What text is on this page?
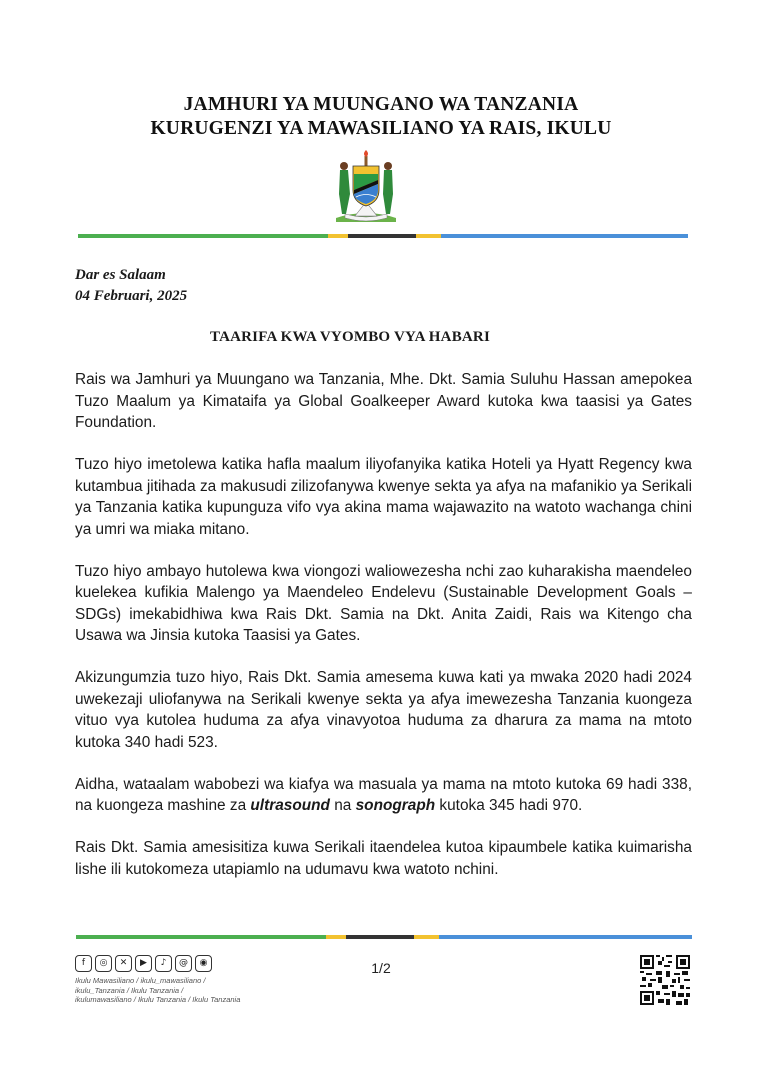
JAMHURI YA MUUNGANO WA TANZANIA
KURUGENZI YA MAWASILIANO YA RAIS, IKULU
Dar es Salaam
04 Februari, 2025
TAARIFA KWA VYOMBO VYA HABARI

Rais wa Jamhuri ya Muungano wa Tanzania, Mhe. Dkt. Samia Suluhu Hassan amepokea Tuzo Maalum ya Kimataifa ya Global Goalkeeper Award kutoka kwa taasisi ya Gates Foundation.

Tuzo hiyo imetolewa katika hafla maalum iliyofanyika katika Hoteli ya Hyatt Regency kwa kutambua jitihada za makusudi zilizofanywa kwenye sekta ya afya na mafanikio ya Serikali ya Tanzania katika kupunguza vifo vya akina mama wajawazito na watoto wachanga chini ya umri wa miaka mitano.

Tuzo hiyo ambayo hutolewa kwa viongozi waliowezesha nchi zao kuharakisha maendeleo kuelekea kufikia Malengo ya Maendeleo Endelevu (Sustainable Development Goals – SDGs) imekabidhiwa kwa Rais Dkt. Samia na Dkt. Anita Zaidi, Rais wa Kitengo cha Usawa wa Jinsia kutoka Taasisi ya Gates.

Akizungumzia tuzo hiyo, Rais Dkt. Samia amesema kuwa kati ya mwaka 2020 hadi 2024 uwekezaji uliofanywa na Serikali kwenye sekta ya afya imewezesha Tanzania kuongeza vituo vya kutolea huduma za afya vinavyotoa huduma za dharura za mama na mtoto kutoka 340 hadi 523.

Aidha, wataalam wabobezi wa kiafya wa masuala ya mama na mtoto kutoka 69 hadi 338, na kuongeza mashine za ultrasound na sonograph kutoka 345 hadi 970.

Rais Dkt. Samia amesisitiza kuwa Serikali itaendelea kutoa kipaumbele katika kuimarisha lishe ili kutokomeza utapiamlo na udumavu kwa watoto nchini.

f	◎	✕	▶	♪	@	◉
Ikulu Mawasiliano / ikulu_mawasiliano /
ikulu_Tanzania / Ikulu Tanzania /
ikulumawasiliano / Ikulu Tanzania / Ikulu Tanzania
1/2
